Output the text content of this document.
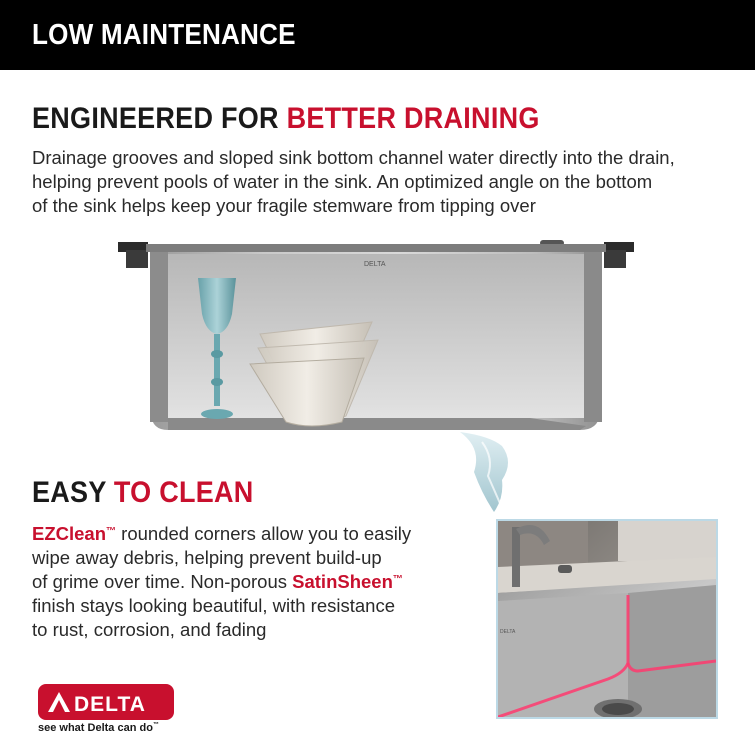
LOW MAINTENANCE
ENGINEERED FOR BETTER DRAINING
Drainage grooves and sloped sink bottom channel water directly into the drain,
helping prevent pools of water in the sink. An optimized angle on the bottom
of the sink helps keep your fragile stemware from tipping over
DELTA
EASY TO CLEAN
EZClean™ rounded corners allow you to easily
wipe away debris, helping prevent build-up
of grime over time. Non-porous SatinSheen™
finish stays looking beautiful, with resistance
to rust, corrosion, and fading	DELTA
DELTA
see what Delta can do™
